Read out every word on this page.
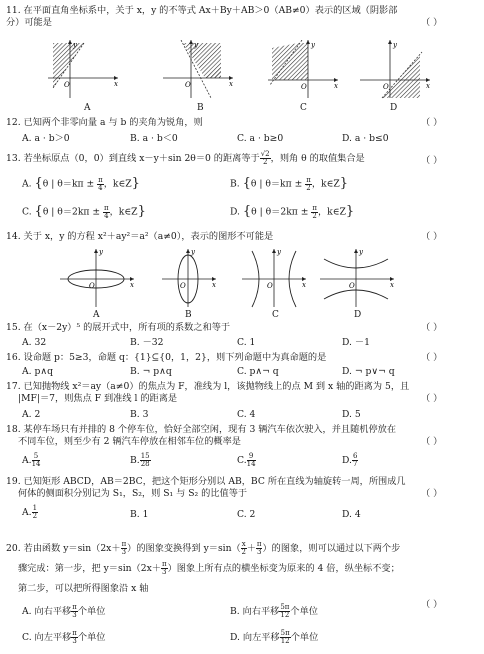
11. 在平面直角坐标系中，关于 x，y 的不等式 Ax＋By＋AB＞0（AB≠0）表示的区域（阴影部
分）可能是	（ ）
O	x
y
O	x
y
O	x
y
O	x
y
A	B	C	D
12. 已知两个非零向量 a 与 b 的夹角为锐角，则	（ ）
A. a · b＞0	B. a · b＜0	C. a · b≥0	D. a · b≤0
13. 若坐标原点（0，0）到直线 x－y＋sin 2θ＝0 的距离等于 $\frac{√2}{2}$ ，则角 θ 的取值集合是	（ ）
A. {θ | $\theta=k\pi \pm \frac{\pi}{4}$ ，k∈Z}	B. {θ | $\theta=k\pi \pm \frac{\pi}{2}$ ，k∈Z}
C. {θ | $\theta=2k\pi \pm \frac{\pi}{4}$ ，k∈Z}	D. {θ | $\theta=2k\pi \pm \frac{\pi}{2}$ ，k∈Z}
14. 关于 x，y 的方程 x²＋ay²＝a²（a≠0），表示的图形不可能是	（ ）
O	x
y
O	x
y
O	x
y
O	x
y
A	B	C	D
15. 在（x－2y）⁵ 的展开式中，所有项的系数之和等于	（ ）
A. 32	B. －32	C. 1	D. －1
16. 设命题 p：5≥3，命题 q：{1}⊆{0，1，2}，则下列命题中为真命题的是	（ ）
A. p∧q	B. ¬ p∧q	C. p∧¬ q	D. ¬ p∨¬ q
17. 已知抛物线 x²＝ay（a≠0）的焦点为 F，准线为 l，该抛物线上的点 M 到 x 轴的距离为 5，且
|MF|＝7，则焦点 F 到准线 l 的距离是	（ ）
A. 2	B. 3	C. 4	D. 5
18. 某停车场只有并排的 8 个停车位，恰好全部空闲，现有 3 辆汽车依次驶入，并且随机停放在
不同车位，则至少有 2 辆汽车停放在相邻车位的概率是	（ ）
A. $\frac{5}{14}$	B. $\frac{15}{28}$	C. $\frac{9}{14}$	D. $\frac{6}{7}$
19. 已知矩形 ABCD，AB＝2BC，把这个矩形分别以 AB，BC 所在直线为轴旋转一周，所围成几
何体的侧面积分别记为 S₁，S₂，则 S₁ 与 S₂ 的比值等于	（ ）
A. $\frac{1}{2}$	B. 1	C. 2	D. 4
20. 若由函数 $y=\sin(2x+ \frac{\pi}{3}$ ）的图象变换得到 $y=\sin( \frac{x}{2} + \frac{\pi}{3}$ ）的图象，则可以通过以下两个步
骤完成：第一步，把 $y=\sin(2x+ \frac{\pi}{3}$ ）图象上所有点的横坐标变为原来的 4 倍，纵坐标不变；
第二步，可以把所得图象沿 x 轴
（ ）
A. 向右平移 $\frac{\pi}{3}$ 个单位	B. 向右平移 $\frac{5\pi}{12}$ 个单位
C. 向左平移 $\frac{\pi}{3}$ 个单位	D. 向左平移 $\frac{5\pi}{12}$ 个单位
